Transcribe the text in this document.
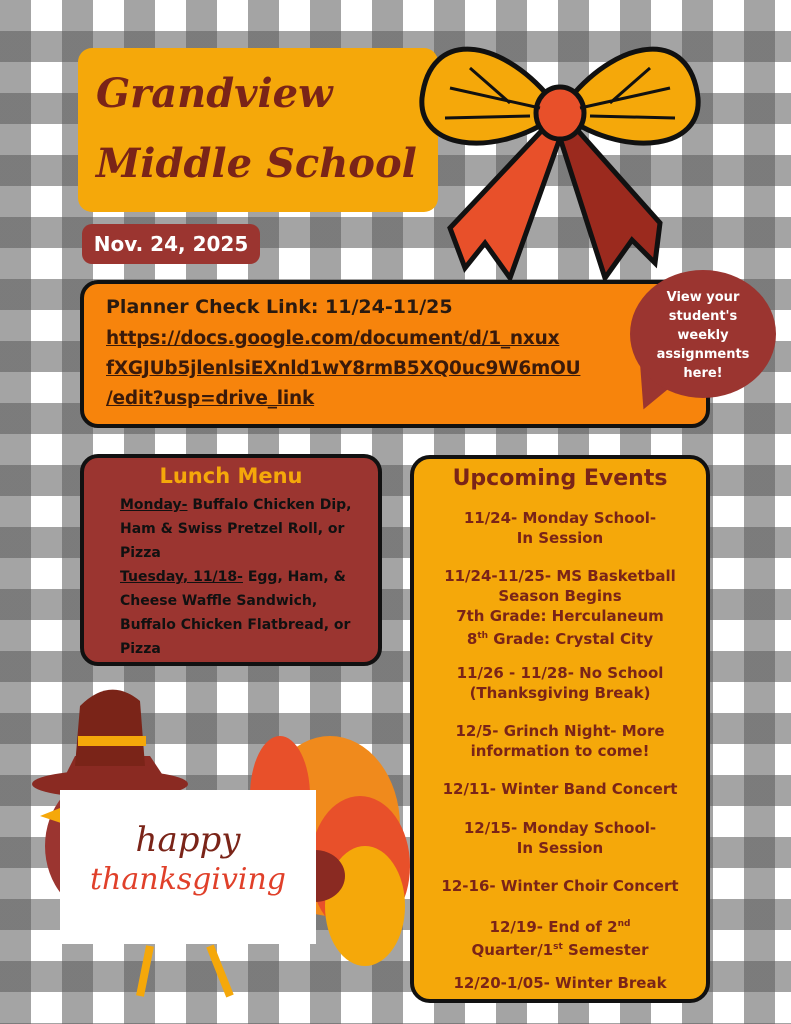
Grandview
Middle School
Nov. 24, 2025
Planner Check Link: 11/24-11/25
https://docs.google.com/document/d/1_nxux
fXGJUb5jlenlsiEXnld1wY8rmB5XQ0uc9W6mOU
/edit?usp=drive_link
View your
student's
weekly
assignments
here!
Lunch Menu
Monday- Buffalo Chicken Dip, Ham & Swiss Pretzel Roll, or Pizza
Tuesday, 11/18- Egg, Ham, & Cheese Waffle Sandwich, Buffalo Chicken Flatbread, or Pizza
Upcoming Events
11/24- Monday School-
In Session
11/24-11/25- MS Basketball
Season Begins
7th Grade: Herculaneum
8th Grade: Crystal City
11/26 - 11/28- No School
(Thanksgiving Break)
12/5- Grinch Night- More
information to come!
12/11- Winter Band Concert
12/15- Monday School-
In Session
12-16- Winter Choir Concert
12/19- End of 2nd
Quarter/1st Semester
12/20-1/05- Winter Break
happy
thanksgiving
